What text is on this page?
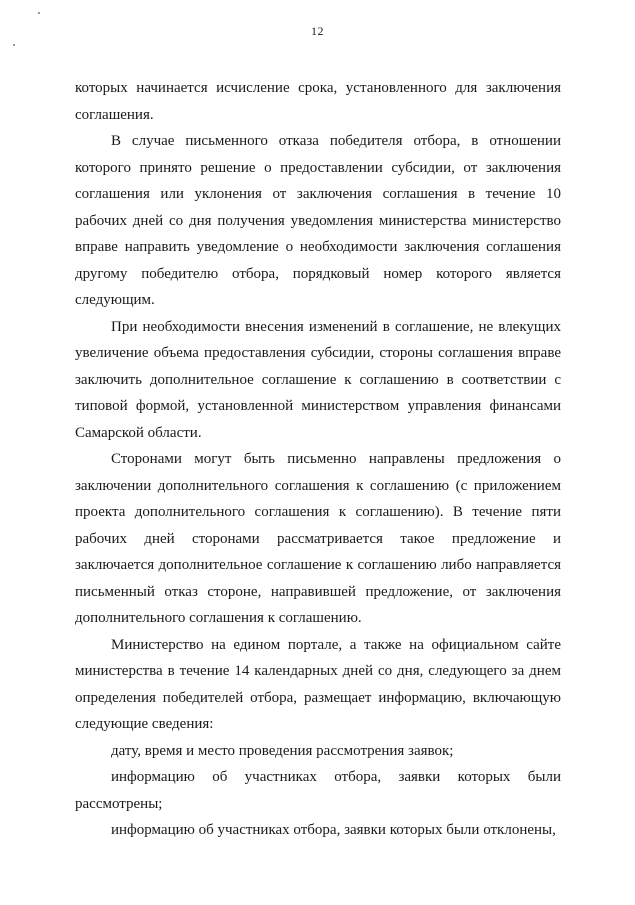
12

которых начинается исчисление срока, установленного для заключения соглашения.

В случае письменного отказа победителя отбора, в отношении которого принято решение о предоставлении субсидии, от заключения соглашения или уклонения от заключения соглашения в течение 10 рабочих дней со дня получения уведомления министерства министерство вправе направить уведомление о необходимости заключения соглашения другому победителю отбора, порядковый номер которого является следующим.

При необходимости внесения изменений в соглашение, не влекущих увеличение объема предоставления субсидии, стороны соглашения вправе заключить дополнительное соглашение к соглашению в соответствии с типовой формой, установленной министерством управления финансами Самарской области.

Сторонами могут быть письменно направлены предложения о заключении дополнительного соглашения к соглашению (с приложением проекта дополнительного соглашения к соглашению). В течение пяти рабочих дней сторонами рассматривается такое предложение и заключается дополнительное соглашение к соглашению либо направляется письменный отказ стороне, направившей предложение, от заключения дополнительного соглашения к соглашению.

Министерство на едином портале, а также на официальном сайте министерства в течение 14 календарных дней со дня, следующего за днем определения победителей отбора, размещает информацию, включающую следующие сведения:

дату, время и место проведения рассмотрения заявок;

информацию об участниках отбора, заявки которых были рассмотрены;

информацию об участниках отбора, заявки которых были отклонены,
